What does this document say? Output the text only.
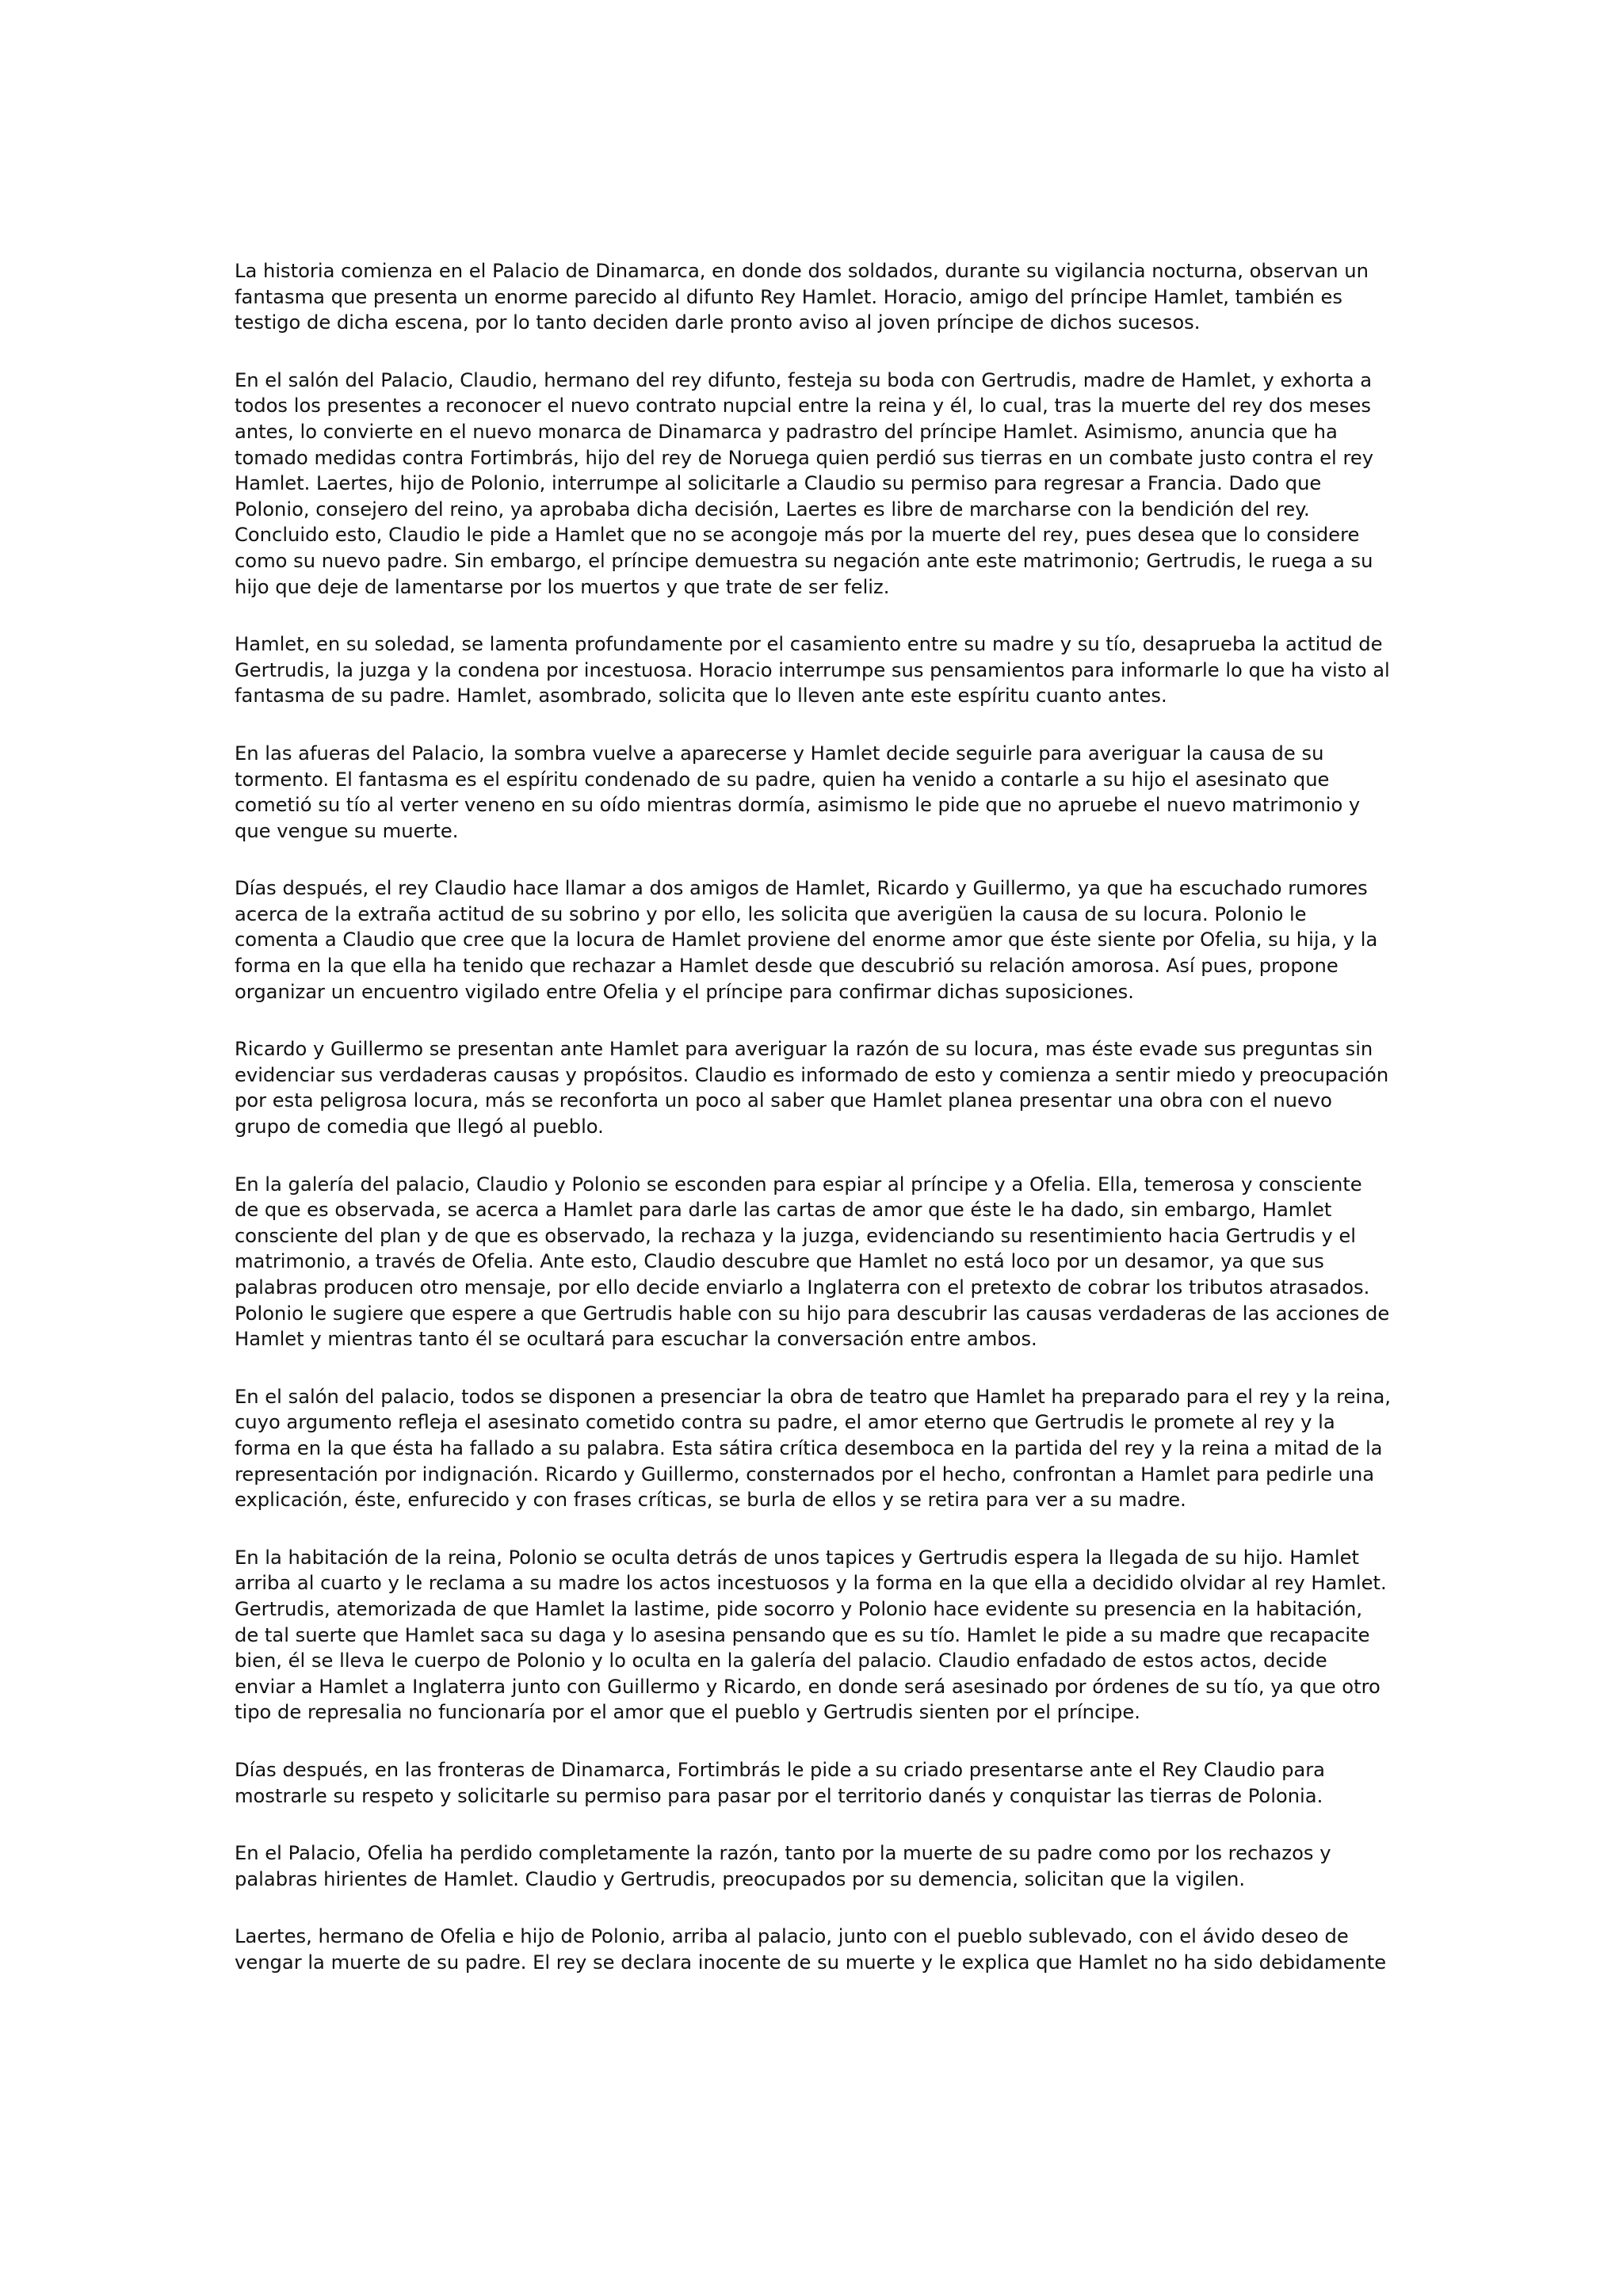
La historia comienza en el Palacio de Dinamarca, en donde dos soldados, durante su vigilancia nocturna, observan un fantasma que presenta un enorme parecido al difunto Rey Hamlet. Horacio, amigo del príncipe Hamlet, también es testigo de dicha escena, por lo tanto deciden darle pronto aviso al joven príncipe de dichos sucesos.

En el salón del Palacio, Claudio, hermano del rey difunto, festeja su boda con Gertrudis, madre de Hamlet, y exhorta a todos los presentes a reconocer el nuevo contrato nupcial entre la reina y él, lo cual, tras la muerte del rey dos meses antes, lo convierte en el nuevo monarca de Dinamarca y padrastro del príncipe Hamlet. Asimismo, anuncia que ha tomado medidas contra Fortimbrás, hijo del rey de Noruega quien perdió sus tierras en un combate justo contra el rey Hamlet. Laertes, hijo de Polonio, interrumpe al solicitarle a Claudio su permiso para regresar a Francia. Dado que Polonio, consejero del reino, ya aprobaba dicha decisión, Laertes es libre de marcharse con la bendición del rey. Concluido esto, Claudio le pide a Hamlet que no se acongoje más por la muerte del rey, pues desea que lo considere como su nuevo padre. Sin embargo, el príncipe demuestra su negación ante este matrimonio; Gertrudis, le ruega a su hijo que deje de lamentarse por los muertos y que trate de ser feliz.

Hamlet, en su soledad, se lamenta profundamente por el casamiento entre su madre y su tío, desaprueba la actitud de Gertrudis, la juzga y la condena por incestuosa. Horacio interrumpe sus pensamientos para informarle lo que ha visto al fantasma de su padre. Hamlet, asombrado, solicita que lo lleven ante este espíritu cuanto antes.

En las afueras del Palacio, la sombra vuelve a aparecerse y Hamlet decide seguirle para averiguar la causa de su tormento. El fantasma es el espíritu condenado de su padre, quien ha venido a contarle a su hijo el asesinato que cometió su tío al verter veneno en su oído mientras dormía, asimismo le pide que no apruebe el nuevo matrimonio y que vengue su muerte.

Días después, el rey Claudio hace llamar a dos amigos de Hamlet, Ricardo y Guillermo, ya que ha escuchado rumores acerca de la extraña actitud de su sobrino y por ello, les solicita que averigüen la causa de su locura. Polonio le comenta a Claudio que cree que la locura de Hamlet proviene del enorme amor que éste siente por Ofelia, su hija, y la forma en la que ella ha tenido que rechazar a Hamlet desde que descubrió su relación amorosa. Así pues, propone organizar un encuentro vigilado entre Ofelia y el príncipe para confirmar dichas suposiciones.

Ricardo y Guillermo se presentan ante Hamlet para averiguar la razón de su locura, mas éste evade sus preguntas sin evidenciar sus verdaderas causas y propósitos. Claudio es informado de esto y comienza a sentir miedo y preocupación por esta peligrosa locura, más se reconforta un poco al saber que Hamlet planea presentar una obra con el nuevo grupo de comedia que llegó al pueblo.

En la galería del palacio, Claudio y Polonio se esconden para espiar al príncipe y a Ofelia. Ella, temerosa y consciente de que es observada, se acerca a Hamlet para darle las cartas de amor que éste le ha dado, sin embargo, Hamlet consciente del plan y de que es observado, la rechaza y la juzga, evidenciando su resentimiento hacia Gertrudis y el matrimonio, a través de Ofelia. Ante esto, Claudio descubre que Hamlet no está loco por un desamor, ya que sus palabras producen otro mensaje, por ello decide enviarlo a Inglaterra con el pretexto de cobrar los tributos atrasados. Polonio le sugiere que espere a que Gertrudis hable con su hijo para descubrir las causas verdaderas de las acciones de Hamlet y mientras tanto él se ocultará para escuchar la conversación entre ambos.

En el salón del palacio, todos se disponen a presenciar la obra de teatro que Hamlet ha preparado para el rey y la reina, cuyo argumento refleja el asesinato cometido contra su padre, el amor eterno que Gertrudis le promete al rey y la forma en la que ésta ha fallado a su palabra. Esta sátira crítica desemboca en la partida del rey y la reina a mitad de la representación por indignación. Ricardo y Guillermo, consternados por el hecho, confrontan a Hamlet para pedirle una explicación, éste, enfurecido y con frases críticas, se burla de ellos y se retira para ver a su madre.

En la habitación de la reina, Polonio se oculta detrás de unos tapices y Gertrudis espera la llegada de su hijo. Hamlet arriba al cuarto y le reclama a su madre los actos incestuosos y la forma en la que ella a decidido olvidar al rey Hamlet. Gertrudis, atemorizada de que Hamlet la lastime, pide socorro y Polonio hace evidente su presencia en la habitación, de tal suerte que Hamlet saca su daga y lo asesina pensando que es su tío. Hamlet le pide a su madre que recapacite bien, él se lleva le cuerpo de Polonio y lo oculta en la galería del palacio. Claudio enfadado de estos actos, decide enviar a Hamlet a Inglaterra junto con Guillermo y Ricardo, en donde será asesinado por órdenes de su tío, ya que otro tipo de represalia no funcionaría por el amor que el pueblo y Gertrudis sienten por el príncipe.

Días después, en las fronteras de Dinamarca, Fortimbrás le pide a su criado presentarse ante el Rey Claudio para mostrarle su respeto y solicitarle su permiso para pasar por el territorio danés y conquistar las tierras de Polonia.

En el Palacio, Ofelia ha perdido completamente la razón, tanto por la muerte de su padre como por los rechazos y palabras hirientes de Hamlet. Claudio y Gertrudis, preocupados por su demencia, solicitan que la vigilen.

Laertes, hermano de Ofelia e hijo de Polonio, arriba al palacio, junto con el pueblo sublevado, con el ávido deseo de vengar la muerte de su padre. El rey se declara inocente de su muerte y le explica que Hamlet no ha sido debidamente
